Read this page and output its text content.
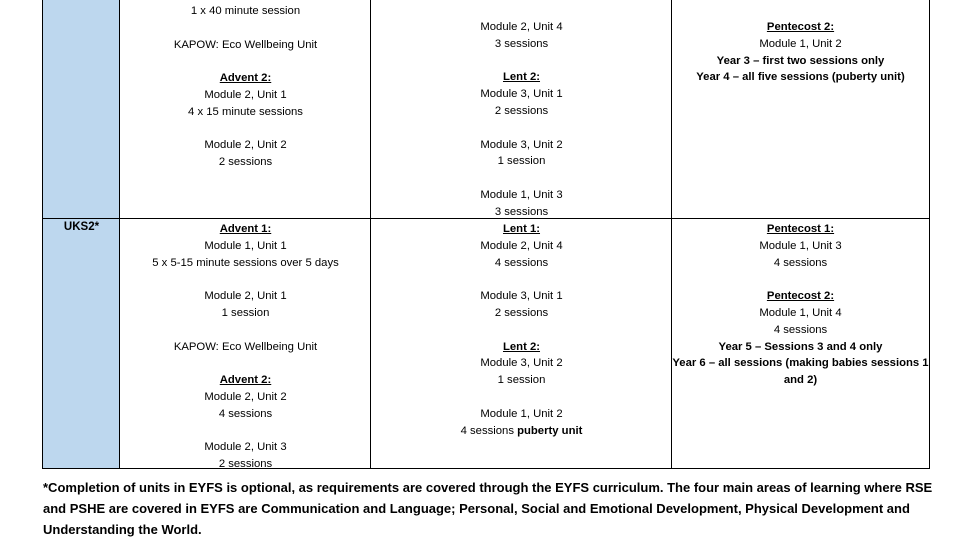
UKS2*
1 x 40 minute session
KAPOW: Eco Wellbeing Unit
Advent 2:
Module 2, Unit 1
4 x 15 minute sessions
Module 2, Unit 2
2 sessions
Module 2, Unit 4
3 sessions
Lent 2:
Module 3, Unit 1
2 sessions
Module 3, Unit 2
1 session
Module 1, Unit 3
3 sessions
Pentecost 2:
Module 1, Unit 2
Year 3 – first two sessions only
Year 4 – all five sessions (puberty unit)
Advent 1:
Module 1, Unit 1
5 x 5-15 minute sessions over 5 days
Module 2, Unit 1
1 session
KAPOW: Eco Wellbeing Unit
Advent 2:
Module 2, Unit 2
4 sessions
Module 2, Unit 3
2 sessions
Lent 1:
Module 2, Unit 4
4 sessions
Module 3, Unit 1
2 sessions
Lent 2:
Module 3, Unit 2
1 session
Module 1, Unit 2
4 sessions puberty unit
Pentecost 1:
Module 1, Unit 3
4 sessions
Pentecost 2:
Module 1, Unit 4
4 sessions
Year 5 – Sessions 3 and 4 only
Year 6 – all sessions (making babies sessions 1
and 2)
*Completion of units in EYFS is optional, as requirements are covered through the EYFS curriculum. The four main areas of learning where RSE and PSHE are covered in EYFS are Communication and Language; Personal, Social and Emotional Development, Physical Development and Understanding the World.
